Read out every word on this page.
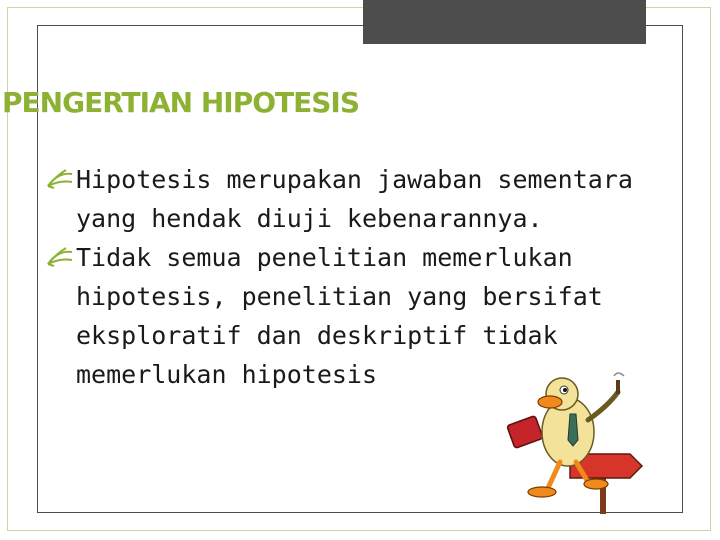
PENGERTIAN HIPOTESIS

Hipotesis merupakan jawaban sementara yang hendak diuji kebenarannya.

Tidak semua penelitian memerlukan hipotesis, penelitian yang bersifat eksploratif dan deskriptif tidak memerlukan hipotesis
